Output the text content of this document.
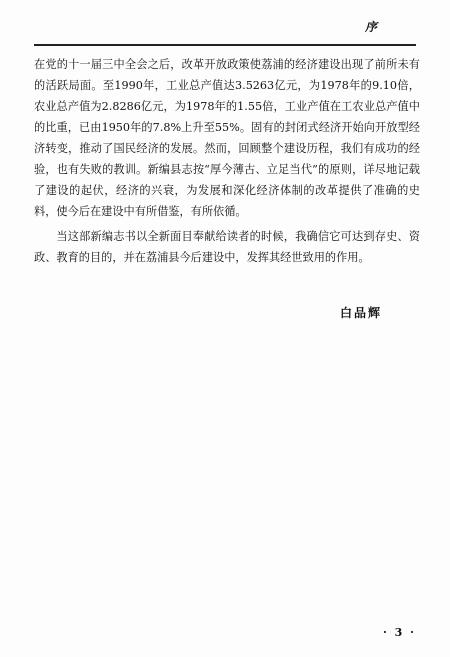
序

在党的十一届三中全会之后，改革开放政策使荔浦的经济建设出现了前所未有的活跃局面。至1990年，工业总产值达3.5263亿元，为1978年的9.10倍，农业总产值为2.8286亿元，为1978年的1.55倍，工业产值在工农业总产值中的比重，已由1950年的7.8%上升至55%。固有的封闭式经济开始向开放型经济转变，推动了国民经济的发展。然而，回顾整个建设历程，我们有成功的经验，也有失败的教训。新编县志按“厚今薄古、立足当代”的原则，详尽地记载了建设的起伏，经济的兴衰，为发展和深化经济体制的改革提供了准确的史料，使今后在建设中有所借鉴，有所依循。

当这部新编志书以全新面目奉献给读者的时候，我确信它可达到存史、资政、教育的目的，并在荔浦县今后建设中，发挥其经世致用的作用。

白品辉
· 3 ·
